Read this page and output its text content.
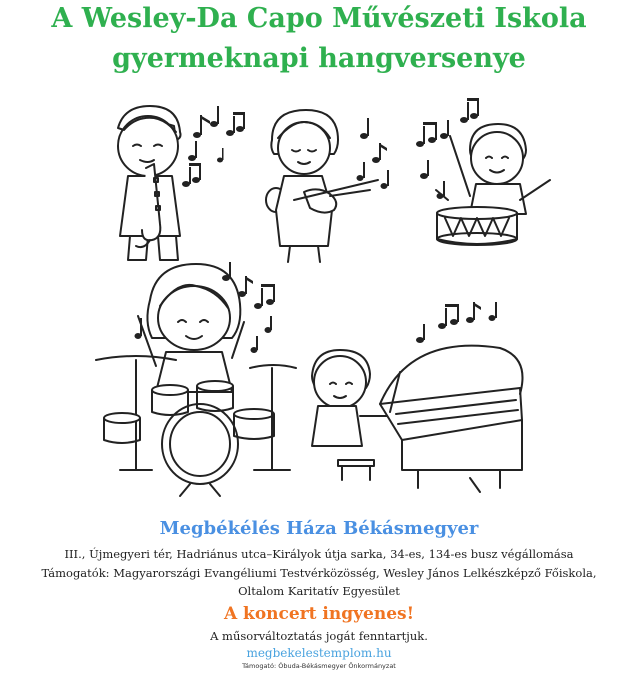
A Wesley-Da Capo Művészeti Iskola
gyermeknapi hangversenye
Megbékélés Háza Békásmegyer
III., Újmegyeri tér, Hadriánus utca–Királyok útja sarka, 34-es, 134-es busz végállomása
Támogatók: Magyarországi Evangéliumi Testvérközösség, Wesley János Lelkészképző Főiskola,
Oltalom Karitatív Egyesület
A koncert ingyenes!
A műsorváltoztatás jogát fenntartjuk.
megbekelestemplom.hu
Támogató: Óbuda-Békásmegyer Önkormányzat
